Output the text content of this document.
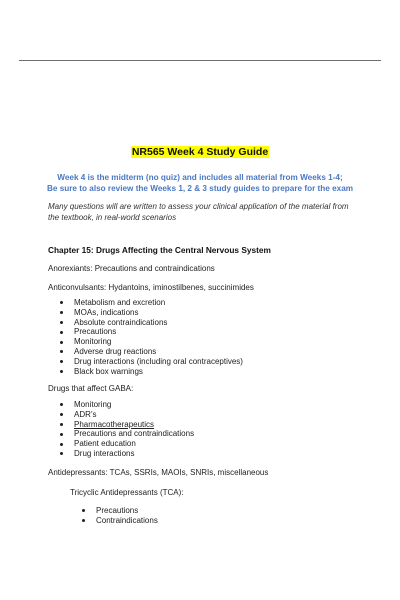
NR565 Week 4 Study Guide
Week 4 is the midterm (no quiz) and includes all material from Weeks 1-4;
Be sure to also review the Weeks 1, 2 & 3 study guides to prepare for the exam
Many questions will are written to assess your clinical application of the material from
the textbook, in real-world scenarios
Chapter 15: Drugs Affecting the Central Nervous System
Anorexiants: Precautions and contraindications
Anticonvulsants: Hydantoins, iminostilbenes, succinimides
Metabolism and excretion
MOAs, indications
Absolute contraindications
Precautions
Monitoring
Adverse drug reactions
Drug interactions (including oral contraceptives)
Black box warnings
Drugs that affect GABA:
Monitoring
ADR’s
Pharmacotherapeutics
Precautions and contraindications
Patient education
Drug interactions
Antidepressants: TCAs, SSRIs, MAOIs, SNRIs, miscellaneous
Tricyclic Antidepressants (TCA):
Precautions
Contraindications
